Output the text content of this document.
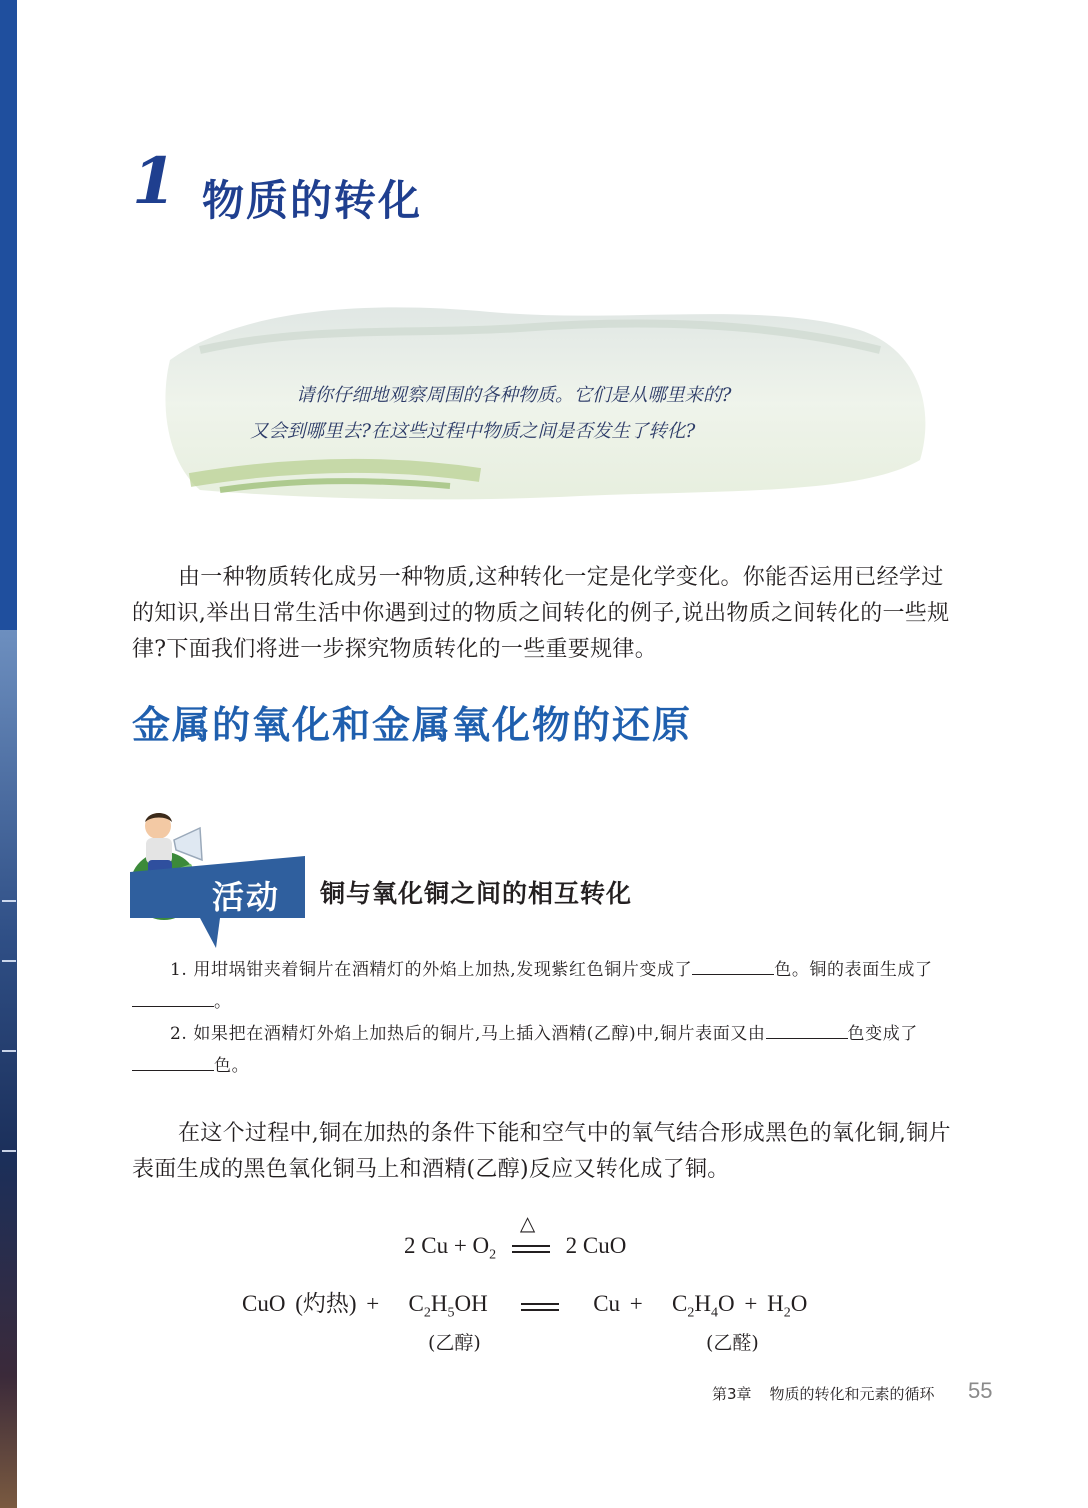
1 物质的转化
请你仔细地观察周围的各种物质。它们是从哪里来的?
又会到哪里去?在这些过程中物质之间是否发生了转化?
由一种物质转化成另一种物质,这种转化一定是化学变化。你能否运用已经学过的知识,举出日常生活中你遇到过的物质之间转化的例子,说出物质之间转化的一些规律?下面我们将进一步探究物质转化的一些重要规律。
金属的氧化和金属氧化物的还原
活动 铜与氧化铜之间的相互转化
1. 用坩埚钳夹着铜片在酒精灯的外焰上加热,发现紫红色铜片变成了	色。铜的表面生成了。
2. 如果把在酒精灯外焰上加热后的铜片,马上插入酒精(乙醇)中,铜片表面又由	色变成了色。
在这个过程中,铜在加热的条件下能和空气中的氧气结合形成黑色的氧化铜,铜片表面生成的黑色氧化铜马上和酒精(乙醇)反应又转化成了铜。
2 $Cu + O_2$
△
2 CuO
CuO (灼热) + $C_2H_5OH$	$Cu + C_2H_4O + H_2O$
(乙醇)	(乙醛)
第3章 物质的转化和元素的循环 55
